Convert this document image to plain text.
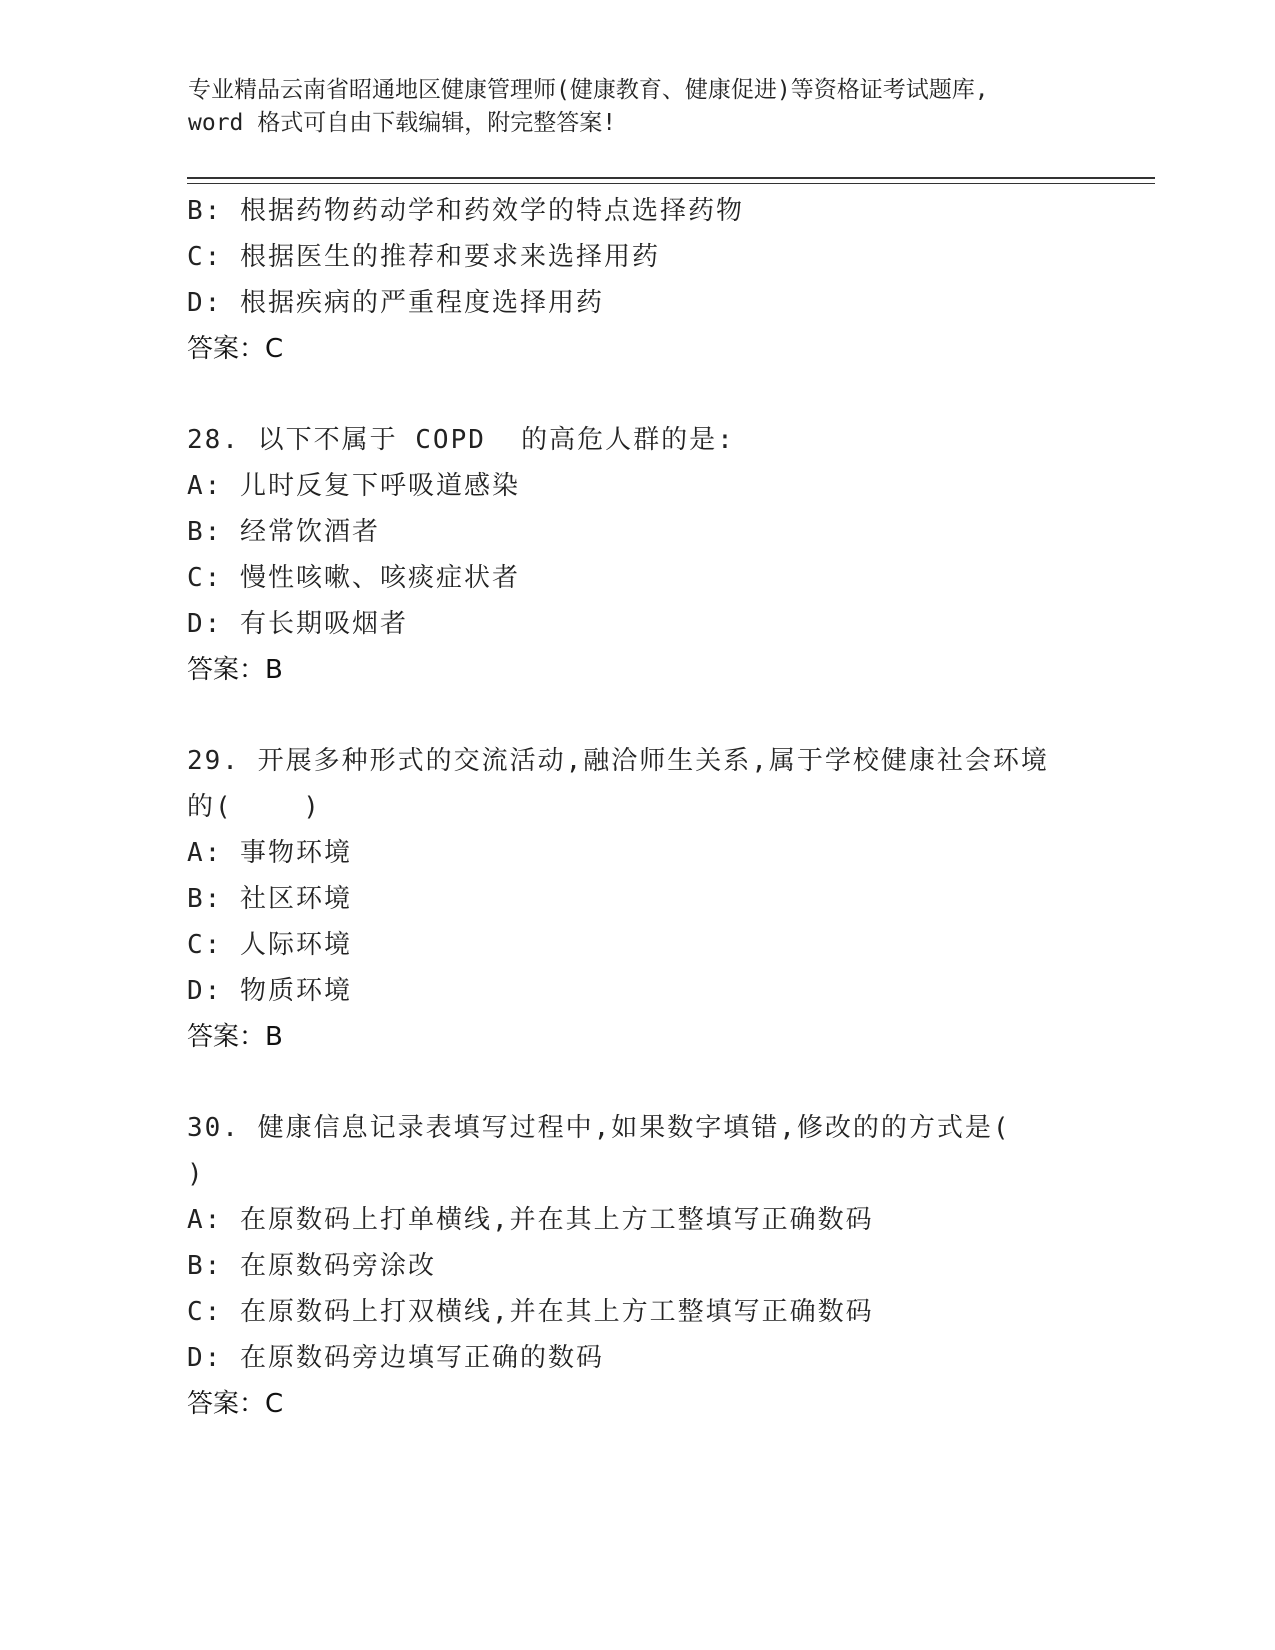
专业精品云南省昭通地区健康管理师(健康教育、健康促进)等资格证考试题库,
word 格式可自由下载编辑，附完整答案!
B: 根据药物药动学和药效学的特点选择药物
C: 根据医生的推荐和要求来选择用药
D: 根据疾病的严重程度选择用药
答案：C
28. 以下不属于 COPD  的高危人群的是:
A: 儿时反复下呼吸道感染
B: 经常饮酒者
C: 慢性咳嗽、咳痰症状者
D: 有长期吸烟者
答案：B
29. 开展多种形式的交流活动,融洽师生关系,属于学校健康社会环境
的(    )
A: 事物环境
B: 社区环境
C: 人际环境
D: 物质环境
答案：B
30. 健康信息记录表填写过程中,如果数字填错,修改的的方式是(
)
A: 在原数码上打单横线,并在其上方工整填写正确数码
B: 在原数码旁涂改
C: 在原数码上打双横线,并在其上方工整填写正确数码
D: 在原数码旁边填写正确的数码
答案：C
